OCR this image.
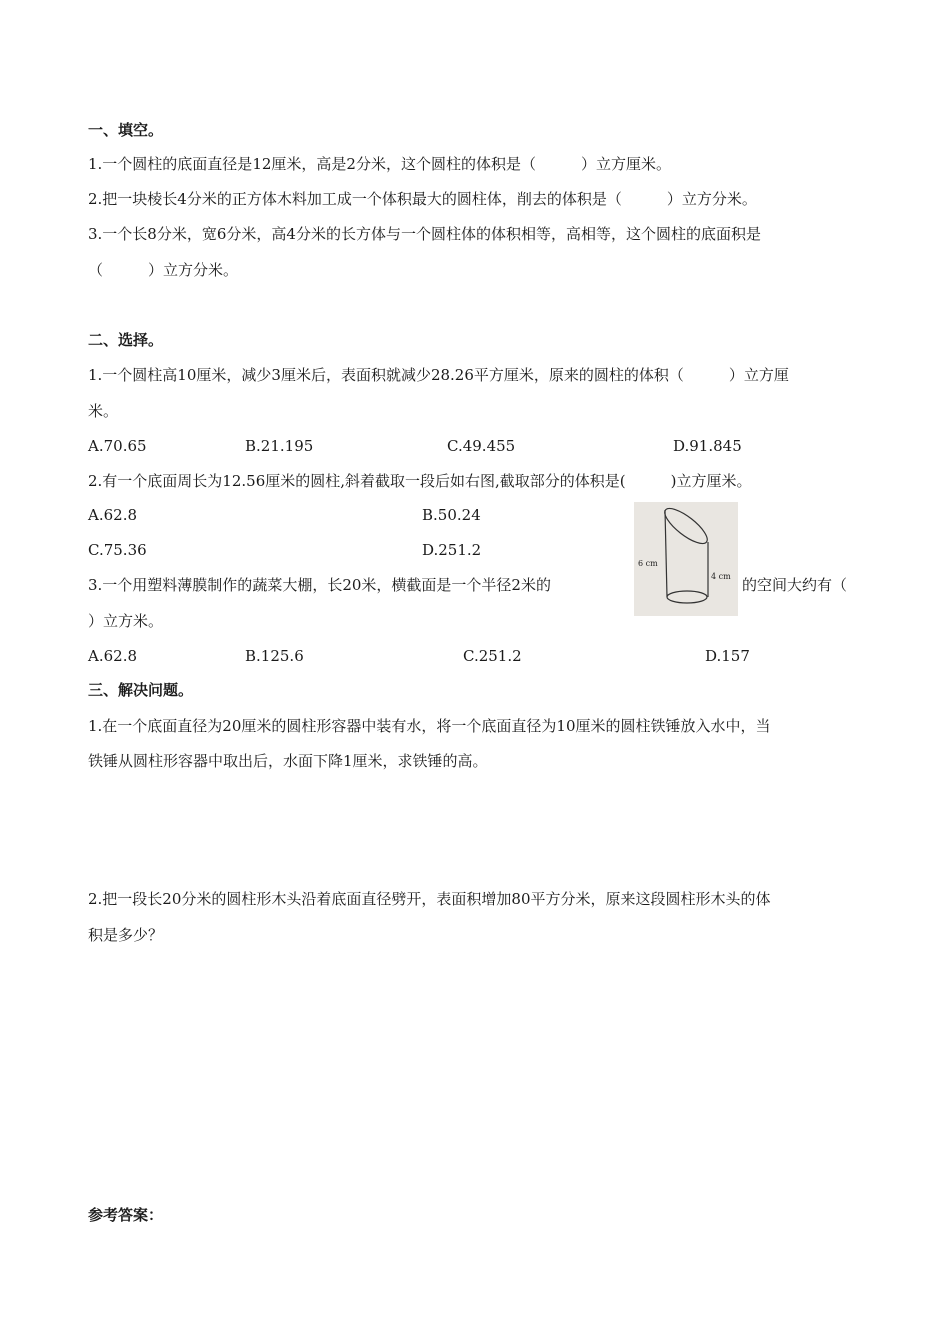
一、填空。
1.一个圆柱的底面直径是12厘米，高是2分米，这个圆柱的体积是（　　　）立方厘米。
2.把一块棱长4分米的正方体木料加工成一个体积最大的圆柱体，削去的体积是（　　　）立方分米。
3.一个长8分米，宽6分米，高4分米的长方体与一个圆柱体的体积相等，高相等，这个圆柱的底面积是
（　　　）立方分米。
二、选择。
1.一个圆柱高10厘米，减少3厘米后，表面积就减少28.26平方厘米，原来的圆柱的体积（　　　）立方厘
米。
A.70.65	B.21.195	C.49.455	D.91.845
2.有一个底面周长为12.56厘米的圆柱,斜着截取一段后如右图,截取部分的体积是(　　　)立方厘米。
A.62.8	B.50.24
C.75.36	D.251.2
6 cm
4 cm
3.一个用塑料薄膜制作的蔬菜大棚，长20米，横截面是一个半径2米的	的空间大约有（
）立方米。
A.62.8	B.125.6	C.251.2	D.157
三、解决问题。
1.在一个底面直径为20厘米的圆柱形容器中装有水，将一个底面直径为10厘米的圆柱铁锤放入水中，当
铁锤从圆柱形容器中取出后，水面下降1厘米，求铁锤的高。
2.把一段长20分米的圆柱形木头沿着底面直径劈开，表面积增加80平方分米，原来这段圆柱形木头的体
积是多少？
参考答案：
